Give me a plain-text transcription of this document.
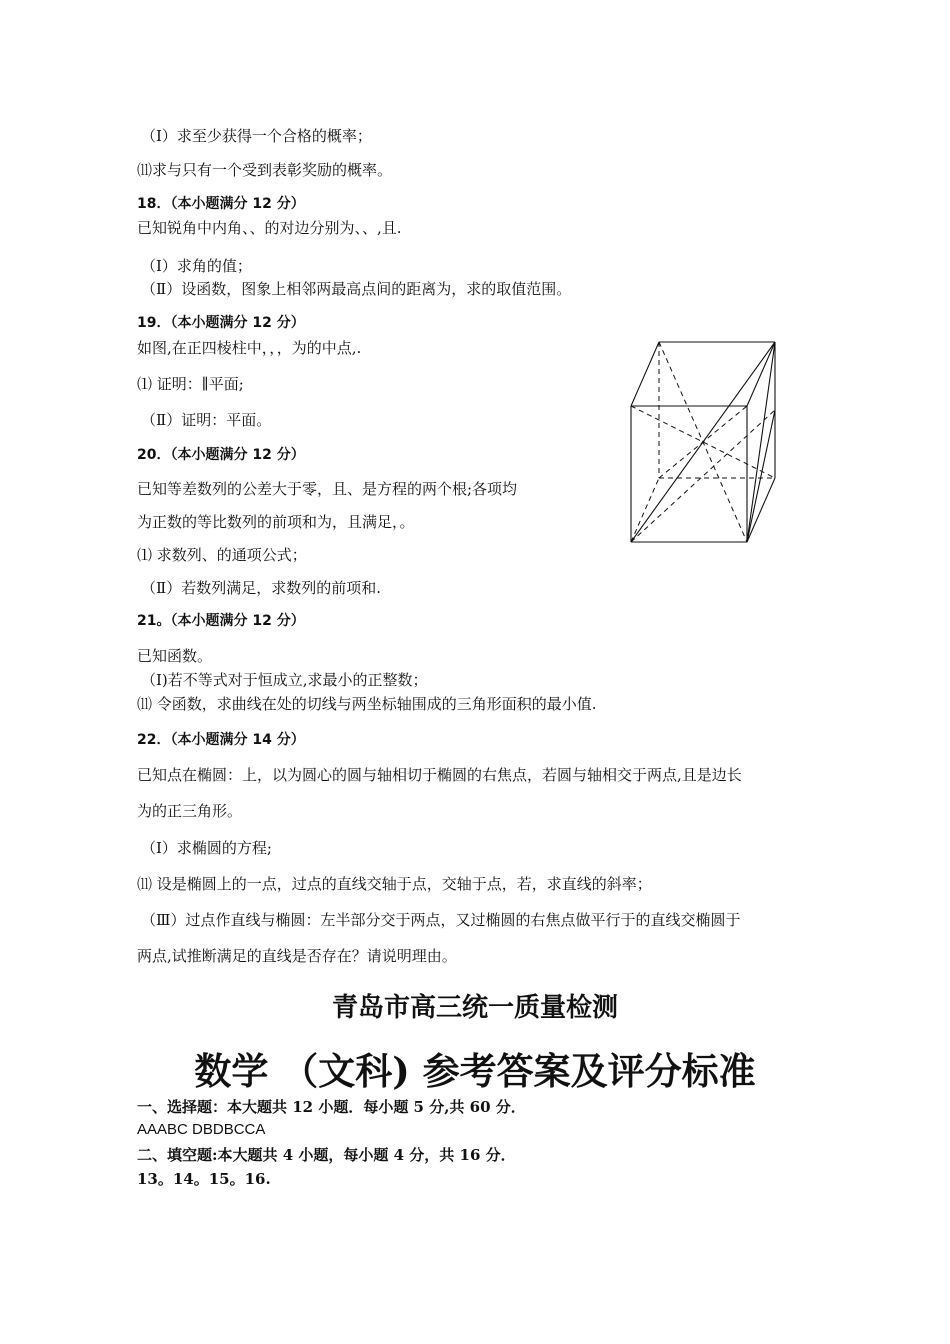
（Ⅰ）求至少获得一个合格的概率；
⑾求与只有一个受到表彰奖励的概率。
18．（本小题满分 12 分）
已知锐角中内角、、的对边分别为、、,且.
（Ⅰ）求角的值；
（Ⅱ）设函数，图象上相邻两最高点间的距离为，求的取值范围。
19．（本小题满分 12 分）
如图,在正四棱柱中，，，为的中点,.
⑴ 证明：∥平面;
（Ⅱ）证明：平面。
20．（本小题满分 12 分）
已知等差数列的公差大于零，且、是方程的两个根;各项均
为正数的等比数列的前项和为，且满足，。
⑴ 求数列、的通项公式；
（Ⅱ）若数列满足，求数列的前项和.
21。（本小题满分 12 分）
已知函数。
（Ⅰ)若不等式对于恒成立,求最小的正整数；
⑾ 令函数，求曲线在处的切线与两坐标轴围成的三角形面积的最小值.
22．（本小题满分 14 分）
已知点在椭圆：上，以为圆心的圆与轴相切于椭圆的右焦点，若圆与轴相交于两点,且是边长
为的正三角形。
（Ⅰ）求椭圆的方程;
⑾ 设是椭圆上的一点，过点的直线交轴于点，交轴于点，若，求直线的斜率；
（Ⅲ）过点作直线与椭圆：左半部分交于两点，又过椭圆的右焦点做平行于的直线交椭圆于
两点,试推断满足的直线是否存在？请说明理由。
青岛市高三统一质量检测
数学 （文科) 参考答案及评分标准
一、选择题：本大题共 12 小题．每小题 5 分,共 60 分．
AAABC DBDBCCA
二、填空题:本大题共 4 小题，每小题 4 分，共 16 分．
13。14。15。16.
